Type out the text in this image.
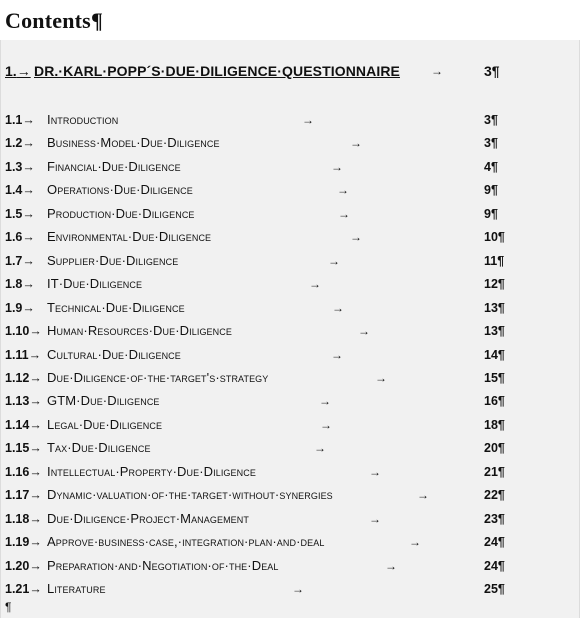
Contents¶
1.→ DR.·KARL·POPP´S·DUE·DILIGENCE·QUESTIONNAIRE	→	3¶
1.1→ Introduction	→	3¶
1.2→ Business·Model·Due·Diligence	→	3¶
1.3→ Financial·Due·Diligence	→	4¶
1.4→ Operations·Due·Diligence	→	9¶
1.5→ Production·Due·Diligence	→	9¶
1.6→ Environmental·Due·Diligence	→	10¶
1.7→ Supplier·Due·Diligence	→	11¶
1.8→ IT·Due·Diligence	→	12¶
1.9→ Technical·Due·Diligence	→	13¶
1.10→ Human·Resources·Due·Diligence	→	13¶
1.11→ Cultural·Due·Diligence	→	14¶
1.12→ Due·Diligence·of·the·target's·strategy	→	15¶
1.13→ GTM·Due·Diligence	→	16¶
1.14→ Legal·Due·Diligence	→	18¶
1.15→ Tax·Due·Diligence	→	20¶
1.16→ Intellectual·Property·Due·Diligence	→	21¶
1.17→ Dynamic·valuation·of·the·target·without·synergies	→	22¶
1.18→ Due·Diligence·Project·Management	→	23¶
1.19→ Approve·business·case,·integration·plan·and·deal	→	24¶
1.20→ Preparation·and·Negotiation·of·the·Deal	→	24¶
1.21→ Literature	→	25¶
¶
